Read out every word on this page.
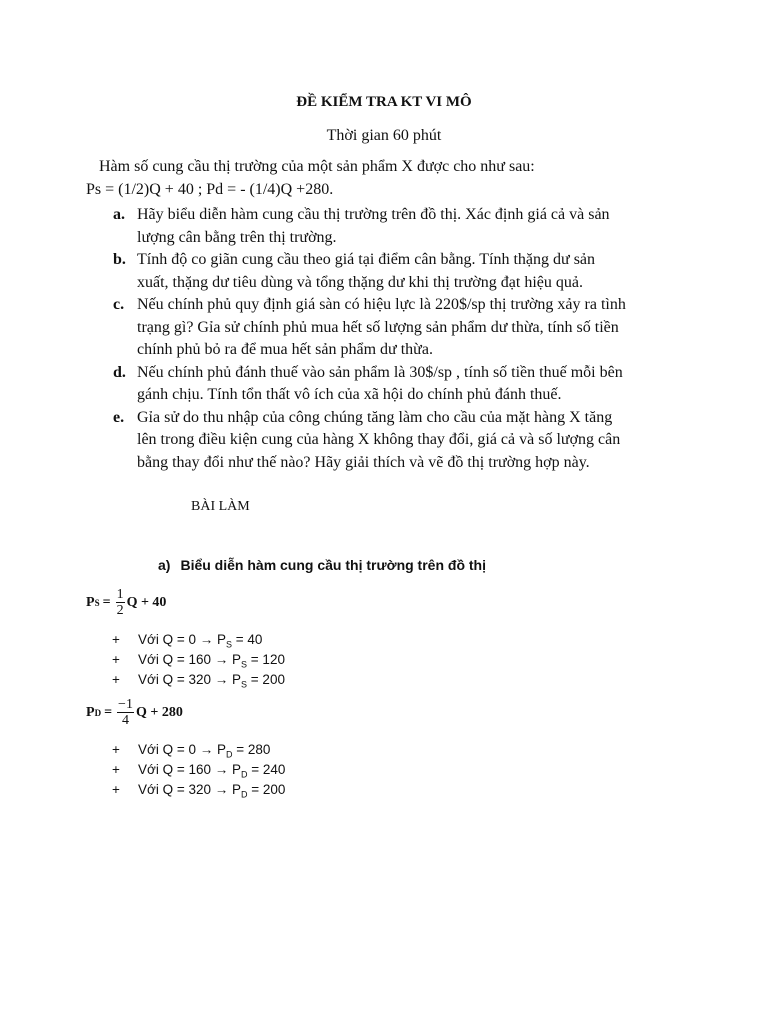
ĐỀ KIỂM TRA KT VI MÔ
Thời gian 60 phút
Hàm số cung cầu thị trường của một sản phẩm X được cho như sau:
Ps = (1/2)Q + 40 ; Pd = - (1/4)Q +280.
a. Hãy biểu diễn hàm cung cầu thị trường trên đồ thị. Xác định giá cả và sản
lượng cân bằng trên thị trường.
b. Tính độ co giãn cung cầu theo giá tại điểm cân bằng. Tính thặng dư sản
xuất, thặng dư tiêu dùng và tổng thặng dư khi thị trường đạt hiệu quả.
c. Nếu chính phủ quy định giá sàn có hiệu lực là 220$/sp thị trường xảy ra tình
trạng gì? Gỉa sử chính phủ mua hết số lượng sản phẩm dư thừa, tính số tiền
chính phủ bỏ ra để mua hết sản phẩm dư thừa.
d. Nếu chính phủ đánh thuế vào sản phẩm là 30$/sp , tính số tiền thuế mỗi bên
gánh chịu. Tính tổn thất vô ích của xã hội do chính phủ đánh thuế.
e. Gỉa sử do thu nhập của công chúng tăng làm cho cầu của mặt hàng X tăng
lên trong điều kiện cung của hàng X không thay đổi, giá cả và số lượng cân
bằng thay đổi như thế nào? Hãy giải thích và vẽ đồ thị trường hợp này.
BÀI LÀM
a) Biểu diễn hàm cung cầu thị trường trên đồ thị
P $S = \frac{1}{2}$ Q + 40
+ Với $Q = 0 \to P_S = 40$
+ Với $Q = 160 \to P_S = 120$
+ Với $Q = 320 \to P_S = 200$
P $D = \frac{-1}{4}$ Q + 280
+ Với $Q = 0 \to P_D = 280$
+ Với $Q = 160 \to P_D = 240$
+ Với $Q = 320 \to P_D = 200$
